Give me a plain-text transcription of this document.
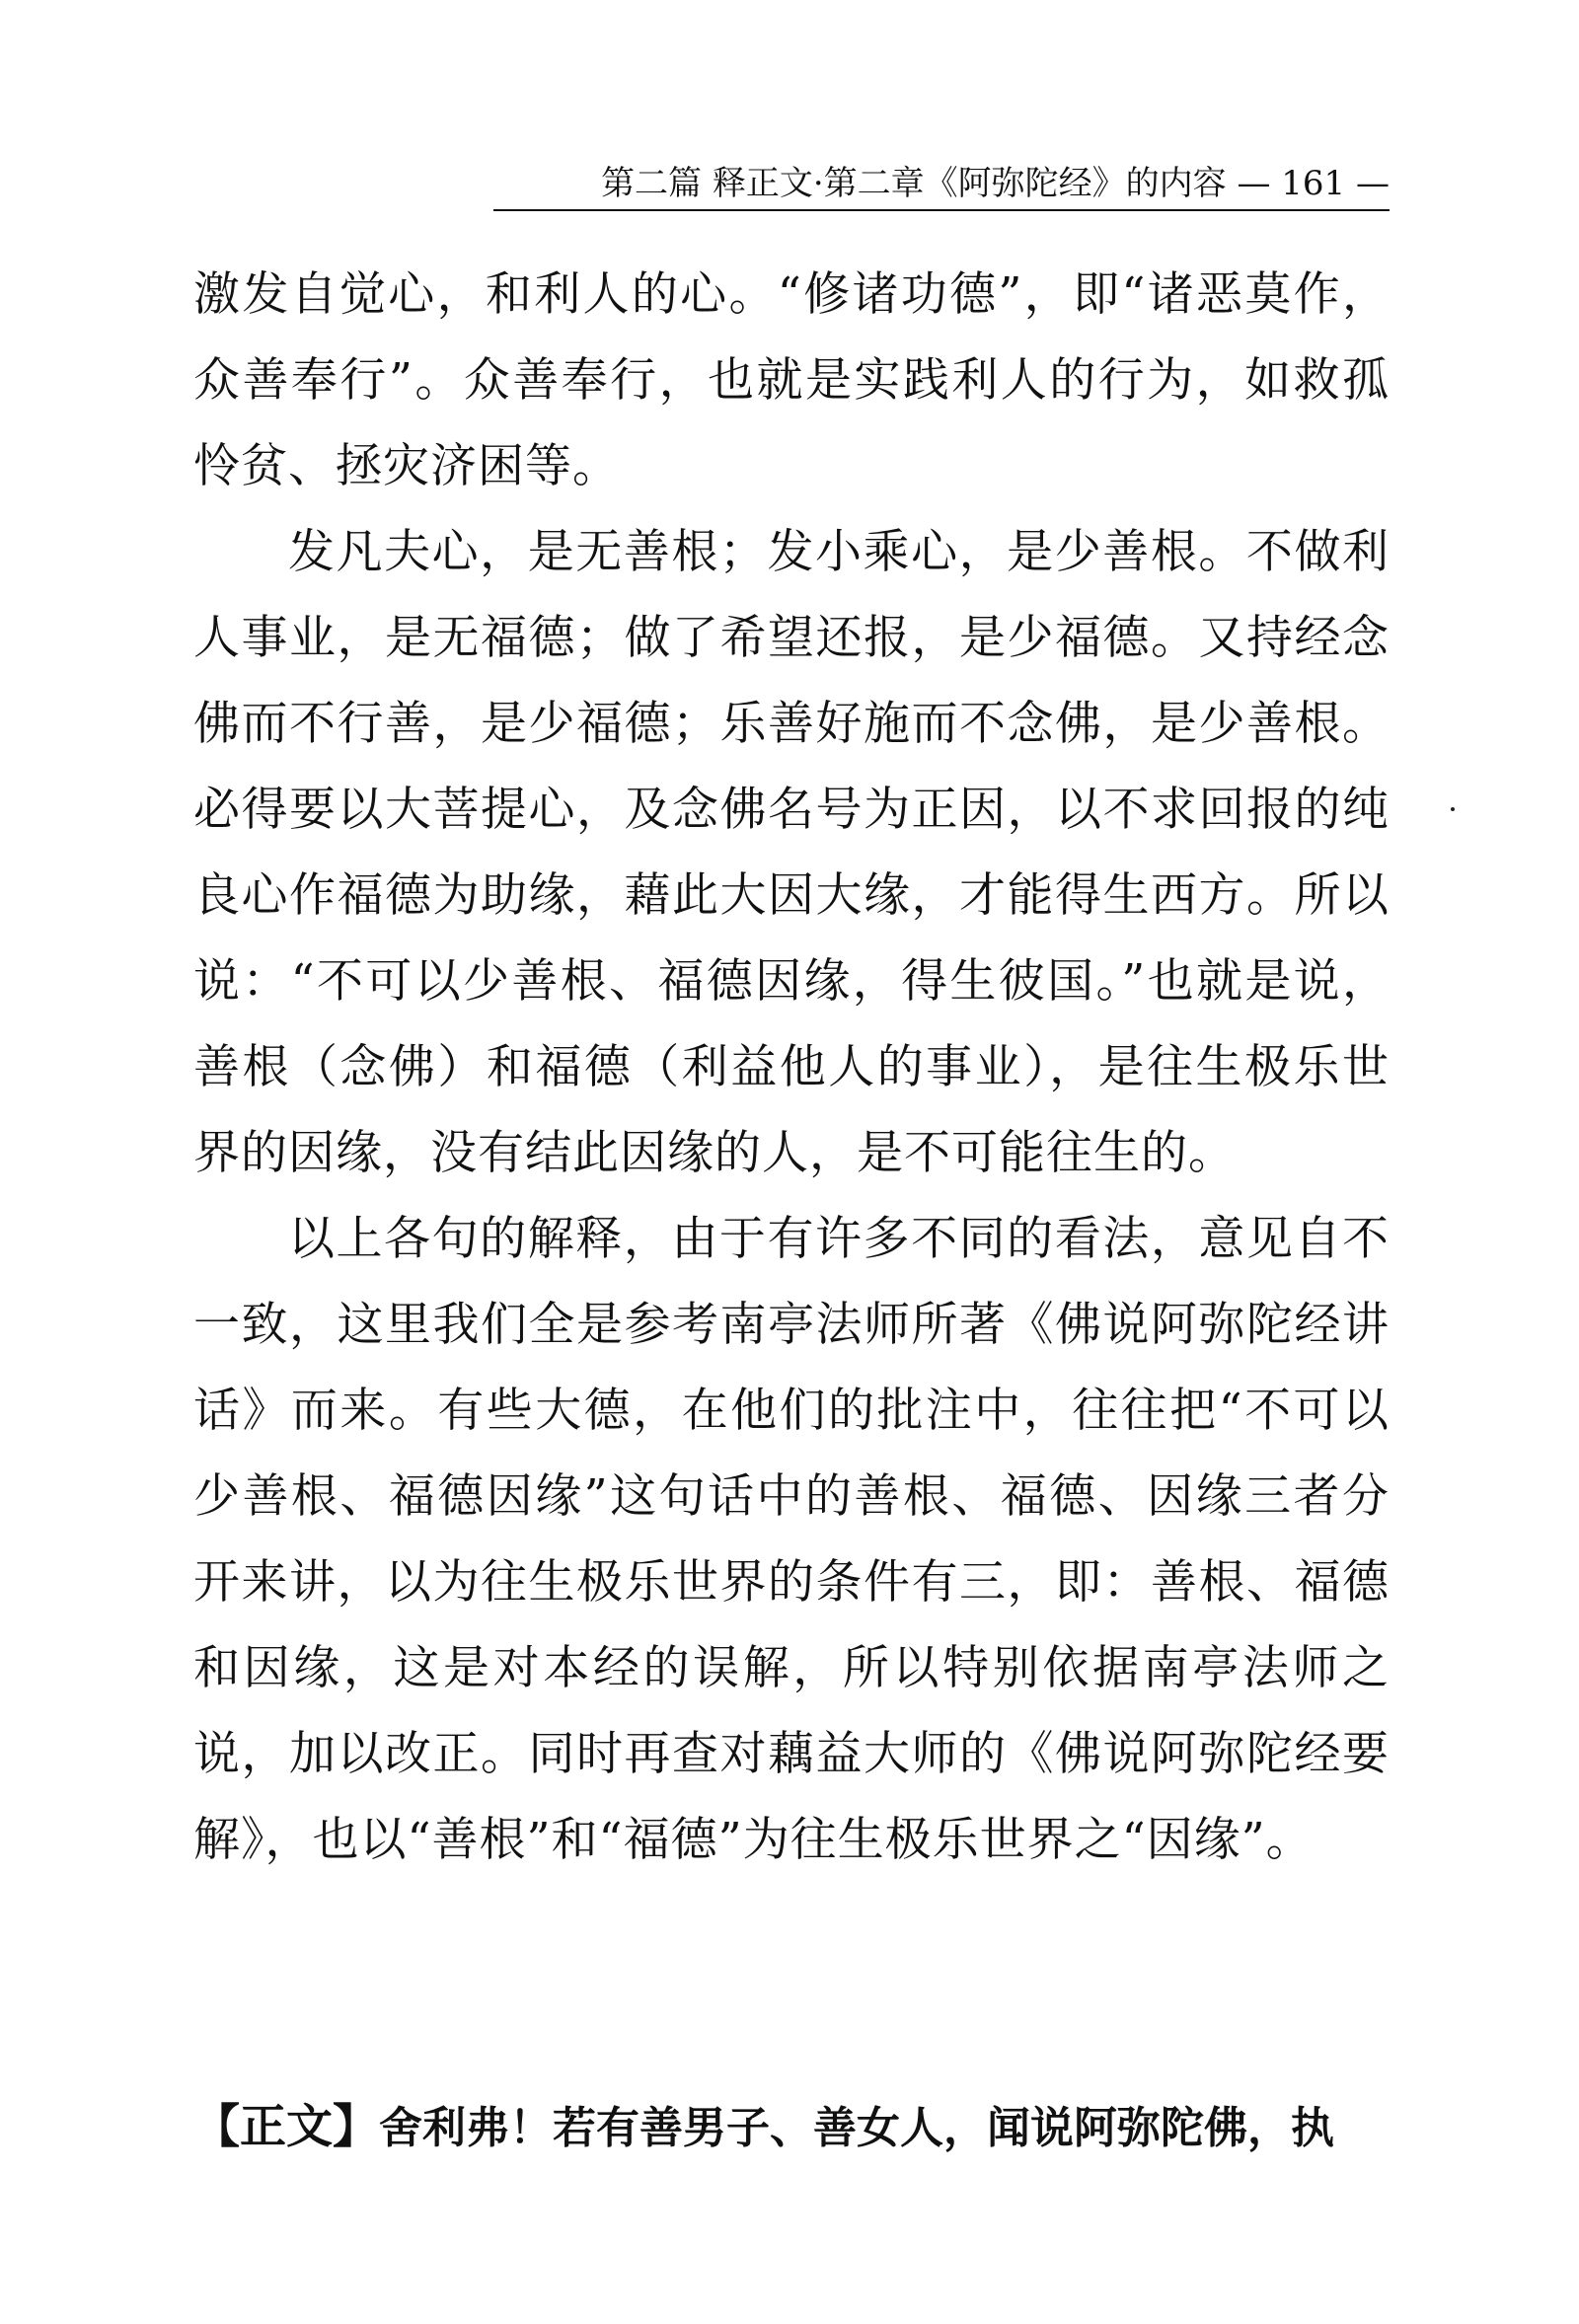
第二篇 释正文·第二章《阿弥陀经》的内容 — 161 —

激发自觉心，和利人的心。“修诸功德”，即“诸恶莫作，众善奉行”。众善奉行，也就是实践利人的行为，如救孤怜贫、拯灾济困等。

发凡夫心，是无善根；发小乘心，是少善根。不做利人事业，是无福德；做了希望还报，是少福德。又持经念佛而不行善，是少福德；乐善好施而不念佛，是少善根。必得要以大菩提心，及念佛名号为正因，以不求回报的纯良心作福德为助缘，藉此大因大缘，才能得生西方。所以说：“不可以少善根、福德因缘，得生彼国。”也就是说，善根（念佛）和福德（利益他人的事业），是往生极乐世界的因缘，没有结此因缘的人，是不可能往生的。

以上各句的解释，由于有许多不同的看法，意见自不一致，这里我们全是参考南亭法师所著《佛说阿弥陀经讲话》而来。有些大德，在他们的批注中，往往把“不可以少善根、福德因缘”这句话中的善根、福德、因缘三者分开来讲，以为往生极乐世界的条件有三，即：善根、福德和因缘，这是对本经的误解，所以特别依据南亭法师之说，加以改正。同时再查对藕益大师的《佛说阿弥陀经要解》，也以“善根”和“福德”为往生极乐世界之“因缘”。

【正文】舍利弗！若有善男子、善女人，闻说阿弥陀佛，执
